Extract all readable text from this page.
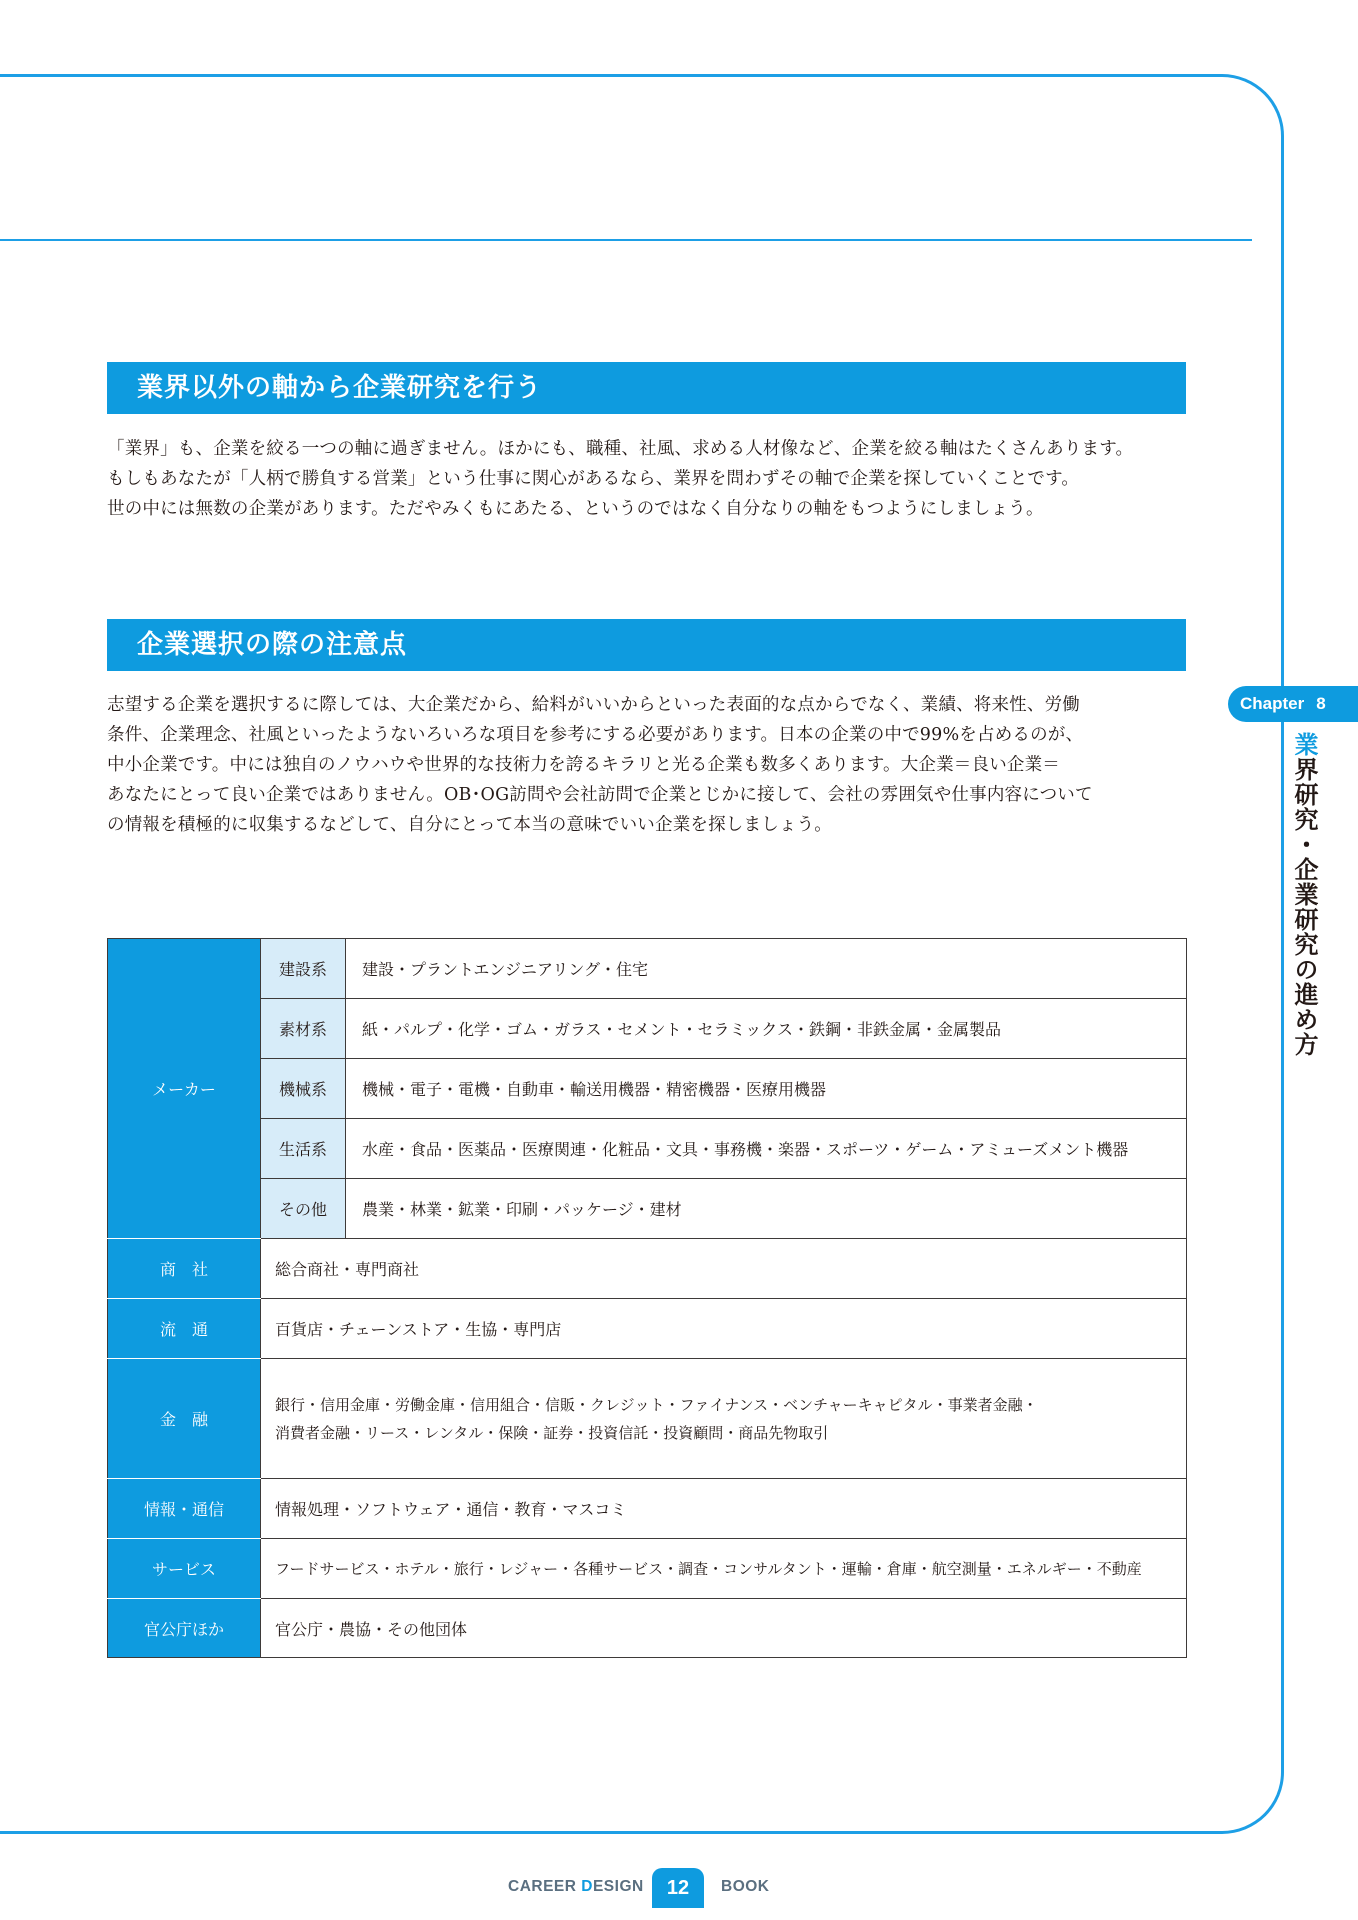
業界以外の軸から企業研究を行う
「業界」も、企業を絞る一つの軸に過ぎません。ほかにも、職種、社風、求める人材像など、企業を絞る軸はたくさんあります。
もしもあなたが「人柄で勝負する営業」という仕事に関心があるなら、業界を問わずその軸で企業を探していくことです。
世の中には無数の企業があります。ただやみくもにあたる、というのではなく自分なりの軸をもつようにしましょう。
企業選択の際の注意点
志望する企業を選択するに際しては、大企業だから、給料がいいからといった表面的な点からでなく、業績、将来性、労働
条件、企業理念、社風といったようないろいろな項目を参考にする必要があります。日本の企業の中で99%を占めるのが、
中小企業です。中には独自のノウハウや世界的な技術力を誇るキラリと光る企業も数多くあります。大企業＝良い企業＝
あなたにとって良い企業ではありません。OB･OG訪問や会社訪問で企業とじかに接して、会社の雰囲気や仕事内容について
の情報を積極的に収集するなどして、自分にとって本当の意味でいい企業を探しましょう。
Chapter 8
業界研究・企業研究の進め方
メーカー	建設系	建設・プラントエンジニアリング・住宅
	素材系	紙・パルプ・化学・ゴム・ガラス・セメント・セラミックス・鉄鋼・非鉄金属・金属製品
	機械系	機械・電子・電機・自動車・輸送用機器・精密機器・医療用機器
	生活系	水産・食品・医薬品・医療関連・化粧品・文具・事務機・楽器・スポーツ・ゲーム・アミューズメント機器
	その他	農業・林業・鉱業・印刷・パッケージ・建材
商　社	総合商社・専門商社	
流　通	百貨店・チェーンストア・生協・専門店	
金　融	銀行・信用金庫・労働金庫・信用組合・信販・クレジット・ファイナンス・ベンチャーキャピタル・事業者金融・
消費者金融・リース・レンタル・保険・証券・投資信託・投資顧問・商品先物取引	

情報・通信	情報処理・ソフトウェア・通信・教育・マスコミ	
サービス	フードサービス・ホテル・旅行・レジャー・各種サービス・調査・コンサルタント・運輸・倉庫・航空測量・エネルギー・不動産	
官公庁ほか	官公庁・農協・その他団体	
CAREER DESIGN	12	BOOK
